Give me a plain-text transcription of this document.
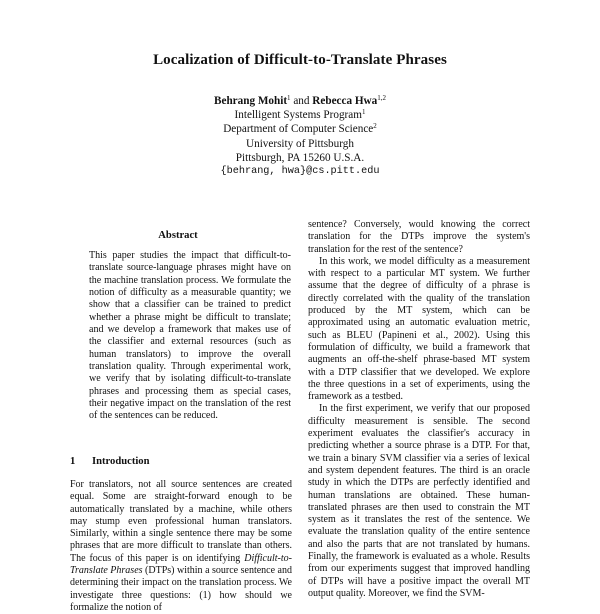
Localization of Difficult-to-Translate Phrases
Behrang Mohit$^1$ and Rebecca Hwa$^{1,2}$
Intelligent Systems Program$^1$
Department of Computer Science$^2$
University of Pittsburgh
Pittsburgh, PA 15260 U.S.A.
{behrang, hwa}@cs.pitt.edu
Abstract
This paper studies the impact that difficult-to-translate source-language phrases might have on the machine translation process. We formulate the notion of difficulty as a measurable quantity; we show that a classifier can be trained to predict whether a phrase might be difficult to translate; and we develop a framework that makes use of the classifier and external resources (such as human translators) to improve the overall translation quality. Through experimental work, we verify that by isolating difficult-to-translate phrases and processing them as special cases, their negative impact on the translation of the rest of the sentences can be reduced.
1 Introduction
For translators, not all source sentences are created equal. Some are straight-forward enough to be automatically translated by a machine, while others may stump even professional human translators. Similarly, within a single sentence there may be some phrases that are more difficult to translate than others. The focus of this paper is on identifying Difficult-to-Translate Phrases (DTPs) within a source sentence and determining their impact on the translation process. We investigate three questions: (1) how should we formalize the notion of

sentence? Conversely, would knowing the correct translation for the DTPs improve the system's translation for the rest of the sentence?

In this work, we model difficulty as a measurement with respect to a particular MT system. We further assume that the degree of difficulty of a phrase is directly correlated with the quality of the translation produced by the MT system, which can be approximated using an automatic evaluation metric, such as BLEU (Papineni et al., 2002). Using this formulation of difficulty, we build a framework that augments an off-the-shelf phrase-based MT system with a DTP classifier that we developed. We explore the three questions in a set of experiments, using the framework as a testbed.

In the first experiment, we verify that our proposed difficulty measurement is sensible. The second experiment evaluates the classifier's accuracy in predicting whether a source phrase is a DTP. For that, we train a binary SVM classifier via a series of lexical and system dependent features. The third is an oracle study in which the DTPs are perfectly identified and human translations are obtained. These human-translated phrases are then used to constrain the MT system as it translates the rest of the sentence. We evaluate the translation quality of the entire sentence and also the parts that are not translated by humans. Finally, the framework is evaluated as a whole. Results from our experiments suggest that improved handling of DTPs will have a positive impact the overall MT output quality. Moreover, we find the SVM-
